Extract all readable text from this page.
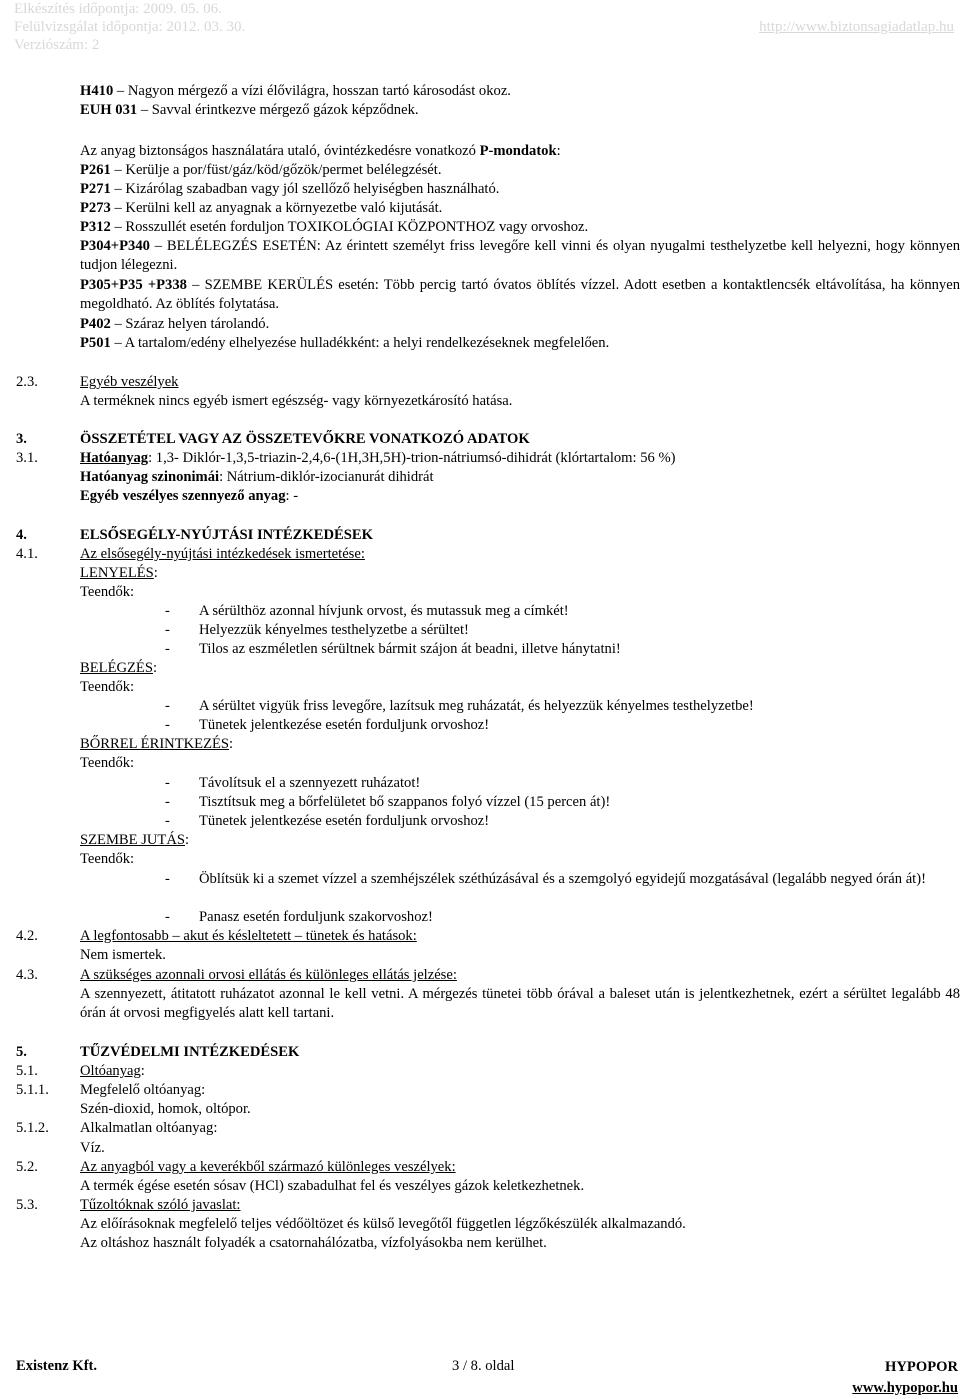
Elkészítés időpontja: 2009. 05. 06.
Felülvizsgálat időpontja: 2012. 03. 30.
Verziószám: 2
http://www.biztonsagiadatlap.hu
H410 – Nagyon mérgező a vízi élővilágra, hosszan tartó károsodást okoz.
EUH 031 – Savval érintkezve mérgező gázok képződnek.
Az anyag biztonságos használatára utaló, óvintézkedésre vonatkozó P-mondatok:
P261 – Kerülje a por/füst/gáz/köd/gőzök/permet belélegzését.
P271 – Kizárólag szabadban vagy jól szellőző helyiségben használható.
P273 – Kerülni kell az anyagnak a környezetbe való kijutását.
P312 – Rosszullét esetén forduljon TOXIKOLÓGIAI KÖZPONTHOZ vagy orvoshoz.
P304+P340 – BELÉLEGZÉS ESETÉN: Az érintett személyt friss levegőre kell vinni és olyan nyugalmi testhelyzetbe kell helyezni, hogy könnyen tudjon lélegezni.
P305+P35 +P338 – SZEMBE KERÜLÉS esetén: Több percig tartó óvatos öblítés vízzel. Adott esetben a kontaktlencsék eltávolítása, ha könnyen megoldható. Az öblítés folytatása.
P402 – Száraz helyen tárolandó.
P501 – A tartalom/edény elhelyezése hulladékként: a helyi rendelkezéseknek megfelelően.
2.3.	Egyéb veszélyek
A terméknek nincs egyéb ismert egészség- vagy környezetkárosító hatása.
3.	ÖSSZETÉTEL VAGY AZ ÖSSZETEVŐKRE VONATKOZÓ ADATOK
3.1.	Hatóanyag: 1,3- Diklór-1,3,5-triazin-2,4,6-(1H,3H,5H)-trion-nátriumsó-dihidrát (klórtartalom: 56 %)
Hatóanyag szinonimái: Nátrium-diklór-izocianurát dihidrát
Egyéb veszélyes szennyező anyag: -
4.	ELSŐSEGÉLY-NYÚJTÁSI INTÉZKEDÉSEK
4.1.	Az elsősegély-nyújtási intézkedések ismertetése:
LENYELÉS:
Teendők:
- A sérülthöz azonnal hívjunk orvost, és mutassuk meg a címkét!
- Helyezzük kényelmes testhelyzetbe a sérültet!
- Tilos az eszméletlen sérültnek bármit szájon át beadni, illetve hánytatni!
BELÉGZÉS:
Teendők:
- A sérültet vigyük friss levegőre, lazítsuk meg ruházatát, és helyezzük kényelmes testhelyzetbe!
- Tünetek jelentkezése esetén forduljunk orvoshoz!
BŐRREL ÉRINTKEZÉS:
Teendők:
- Távolítsuk el a szennyezett ruházatot!
- Tisztítsuk meg a bőrfelületet bő szappanos folyó vízzel (15 percen át)!
- Tünetek jelentkezése esetén forduljunk orvoshoz!
SZEMBE JUTÁS:
Teendők:
- Öblítsük ki a szemet vízzel a szemhéjszélek széthúzásával és a szemgolyó egyidejű mozgatásával (legalább negyed órán át)!
- Panasz esetén forduljunk szakorvoshoz!
4.2.	A legfontosabb – akut és késleltetett – tünetek és hatások:
Nem ismertek.
4.3.	A szükséges azonnali orvosi ellátás és különleges ellátás jelzése:
A szennyezett, átitatott ruházatot azonnal le kell vetni. A mérgezés tünetei több órával a baleset után is jelentkezhetnek, ezért a sérültet legalább 48 órán át orvosi megfigyelés alatt kell tartani.
5.	TŰZVÉDELMI INTÉZKEDÉSEK
5.1.	Oltóanyag:
5.1.1. Megfelelő oltóanyag:
Szén-dioxid, homok, oltópor.
5.1.2. Alkalmatlan oltóanyag:
Víz.
5.2.	Az anyagból vagy a keverékből származó különleges veszélyek:
A termék égése esetén sósav (HCl) szabadulhat fel és veszélyes gázok keletkezhetnek.
5.3.	Tűzoltóknak szóló javaslat:
Az előírásoknak megfelelő teljes védőöltözet és külső levegőtől független légzőkészülék alkalmazandó.
Az oltáshoz használt folyadék a csatornahálózatba, vízfolyásokba nem kerülhet.
Existenz Kft.	3 / 8. oldal	HYPOPOR
www.hypopor.hu
